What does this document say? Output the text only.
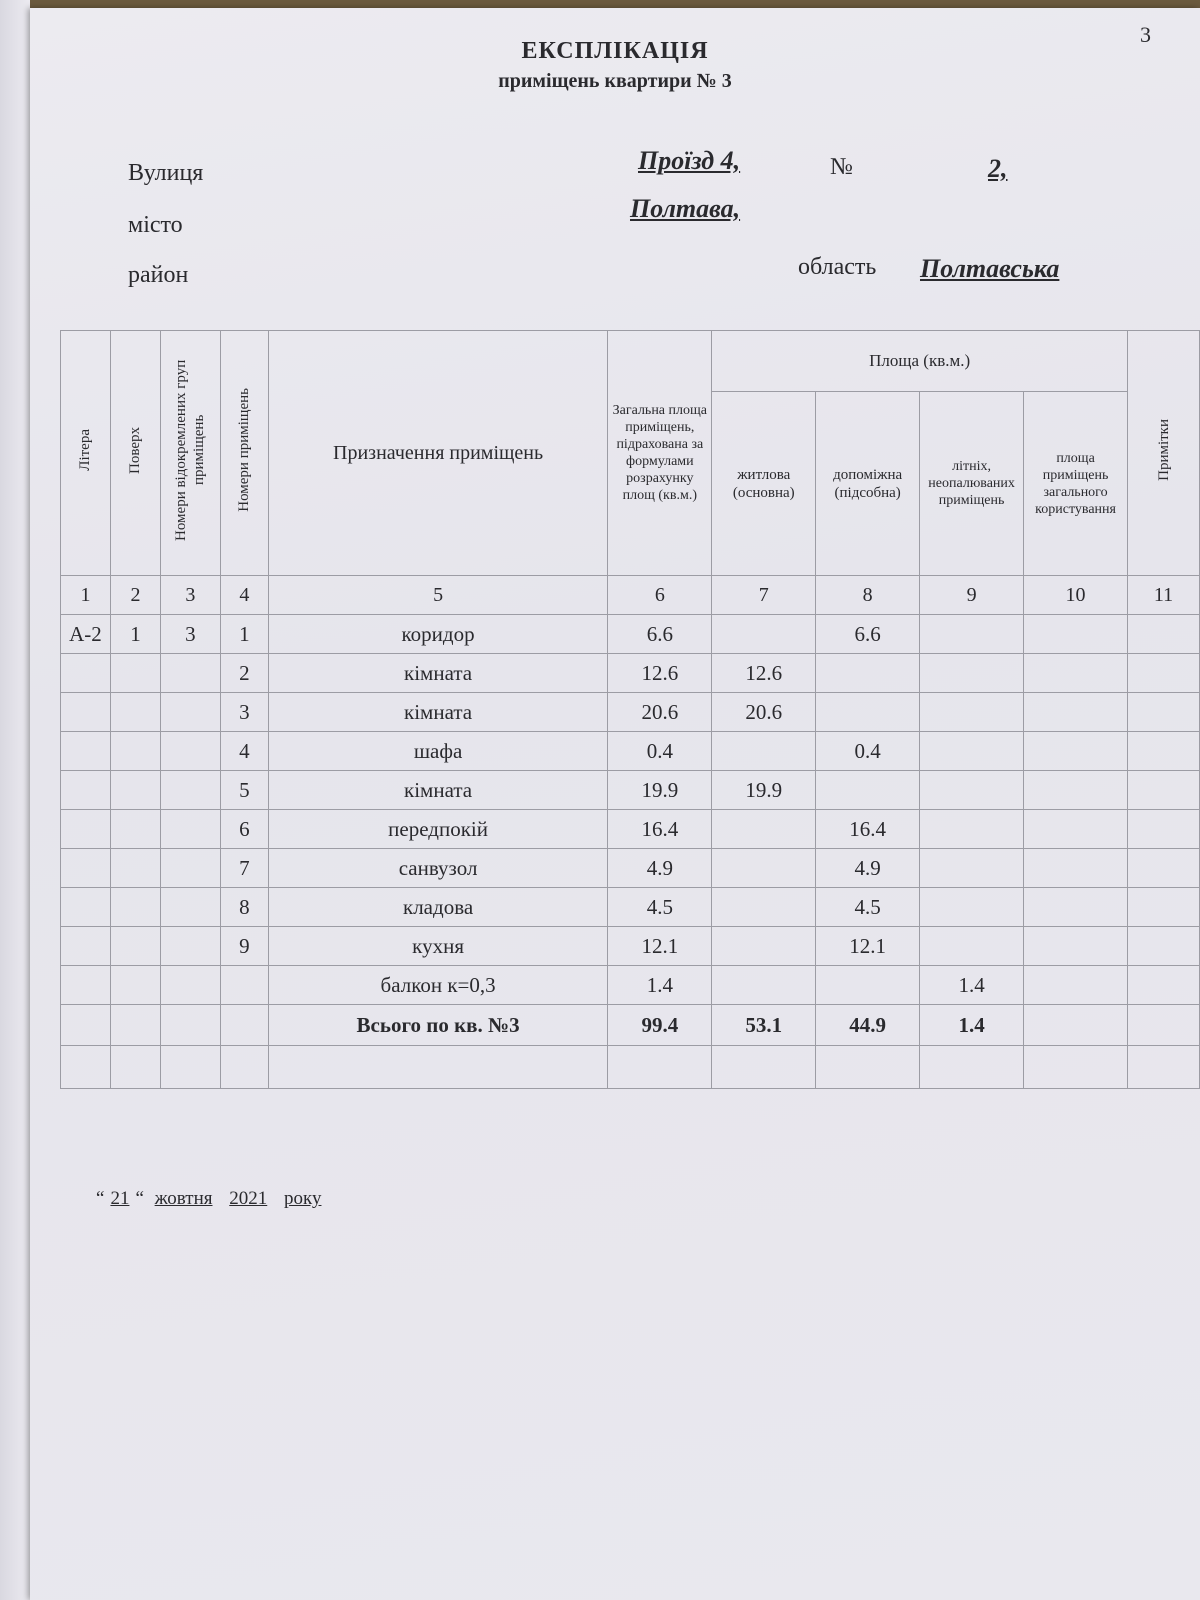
3
ЕКСПЛІКАЦІЯ
приміщень квартири № 3
Вулиця	Проїзд 4,	№	2,
місто
Полтава,
район	область Полтавська
Літера	Поверх	Номери відокремлених груп приміщень	Номери приміщень	Призначення приміщень	Загальна площа приміщень, підрахована за формулами розрахунку площ (кв.м.)	Площа (кв.м.)				Примітки
						житлова (основна)	допоміжна (підсобна)	літніх, неопалюваних приміщень	площа приміщень загального користування	
1	2	3	4	5	6	7	8	9	10	11
А-2	1	3	1	коридор	6.6		6.6			
			2	кімната	12.6	12.6				
			3	кімната	20.6	20.6				
			4	шафа	0.4		0.4			
			5	кімната	19.9	19.9				
			6	передпокій	16.4		16.4			
			7	санвузол	4.9		4.9			
			8	кладова	4.5		4.5			
			9	кухня	12.1		12.1			
				балкон к=0,3	1.4			1.4		
				Всього по кв. №3	99.4	53.1	44.9	1.4		

“ 21 “ жовтня 2021 року
